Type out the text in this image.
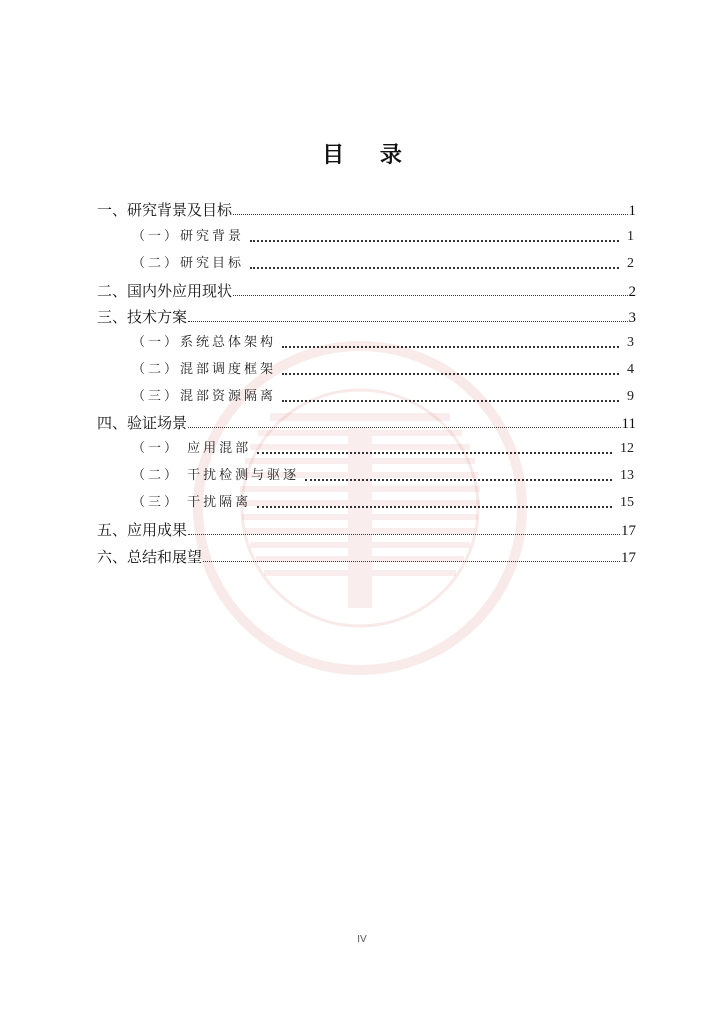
目 录
一、研究背景及目标	1
（一）研究背景	1
（二）研究目标	2
二、国内外应用现状	2
三、技术方案	3
（一）系统总体架构	3
（二）混部调度框架	4
（三）混部资源隔离	9
四、验证场景	11
（一） 应用混部	12
（二） 干扰检测与驱逐	13
（三） 干扰隔离	15
五、应用成果	17
六、总结和展望	17
IV
